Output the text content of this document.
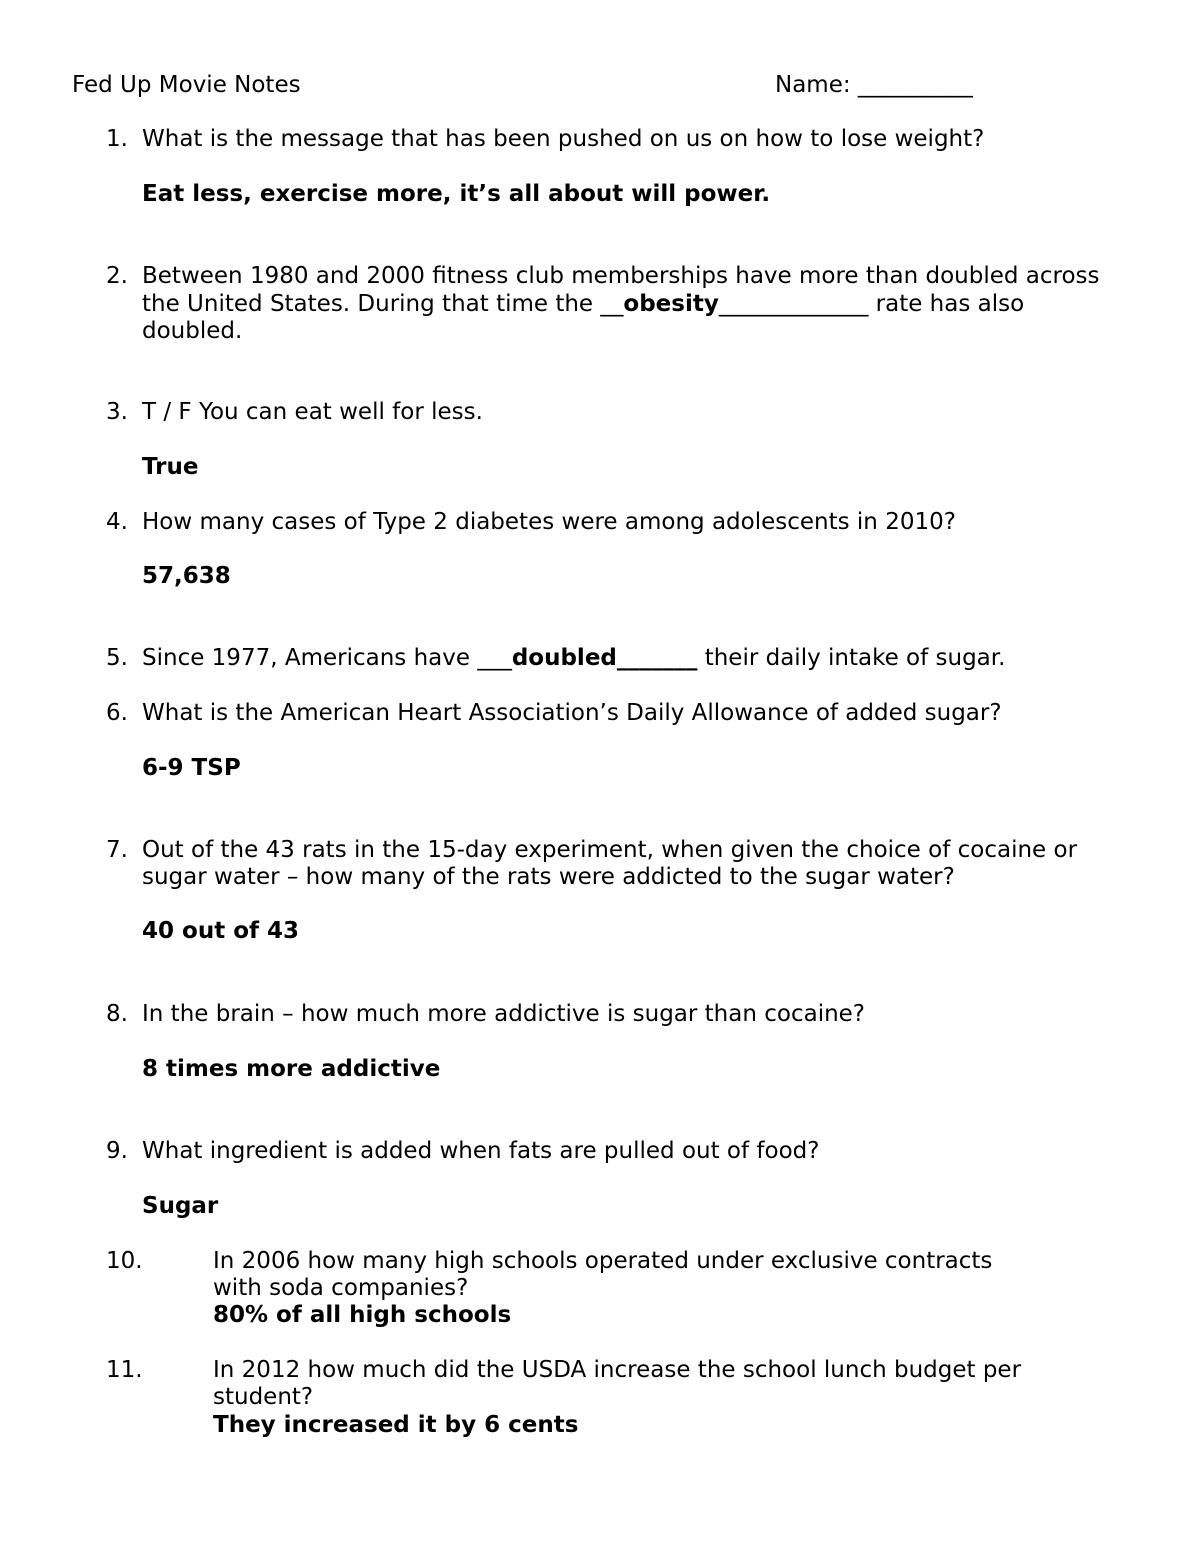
Fed Up Movie Notes	Name: __________
1. What is the message that has been pushed on us on how to lose weight?
Eat less, exercise more, it’s all about will power.
2. Between 1980 and 2000 fitness club memberships have more than doubled across
the United States. During that time the __obesity_____________ rate has also
doubled.
3. T / F You can eat well for less.
True
4. How many cases of Type 2 diabetes were among adolescents in 2010?
57,638
5. Since 1977, Americans have ___doubled_______ their daily intake of sugar.
6. What is the American Heart Association’s Daily Allowance of added sugar?
6-9 TSP
7. Out of the 43 rats in the 15-day experiment, when given the choice of cocaine or
sugar water – how many of the rats were addicted to the sugar water?
40 out of 43
8. In the brain – how much more addictive is sugar than cocaine?
8 times more addictive
9. What ingredient is added when fats are pulled out of food?
Sugar
10.	In 2006 how many high schools operated under exclusive contracts
with soda companies?
80% of all high schools
11.	In 2012 how much did the USDA increase the school lunch budget per
student?
They increased it by 6 cents
